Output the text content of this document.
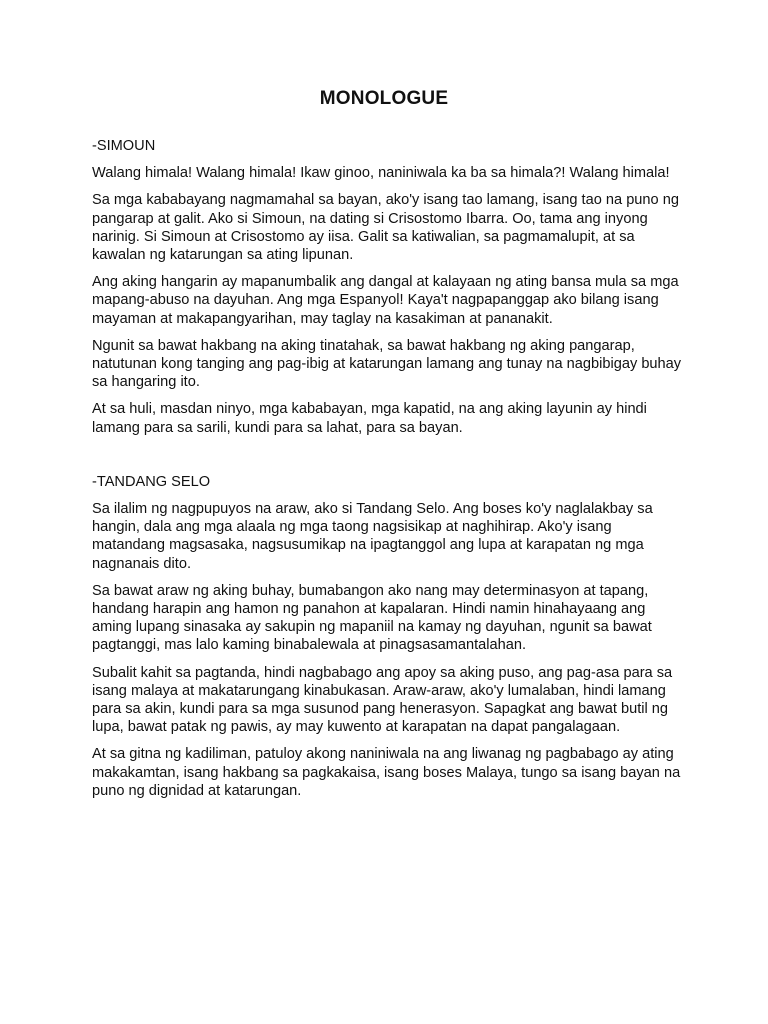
MONOLOGUE

-SIMOUN

Walang himala! Walang himala! Ikaw ginoo, naniniwala ka ba sa himala?! Walang himala!

Sa mga kababayang nagmamahal sa bayan, ako'y isang tao lamang, isang tao na puno ng pangarap at galit. Ako si Simoun, na dating si Crisostomo Ibarra. Oo, tama ang inyong narinig. Si Simoun at Crisostomo ay iisa. Galit sa katiwalian, sa pagmamalupit, at sa kawalan ng katarungan sa ating lipunan.

Ang aking hangarin ay mapanumbalik ang dangal at kalayaan ng ating bansa mula sa mga mapang-abuso na dayuhan. Ang mga Espanyol! Kaya't nagpapanggap ako bilang isang mayaman at makapangyarihan, may taglay na kasakiman at pananakit.

Ngunit sa bawat hakbang na aking tinatahak, sa bawat hakbang ng aking pangarap, natutunan kong tanging ang pag-ibig at katarungan lamang ang tunay na nagbibigay buhay sa hangaring ito.

At sa huli, masdan ninyo, mga kababayan, mga kapatid, na ang aking layunin ay hindi lamang para sa sarili, kundi para sa lahat, para sa bayan.

-TANDANG SELO

Sa ilalim ng nagpupuyos na araw, ako si Tandang Selo. Ang boses ko'y naglalakbay sa hangin, dala ang mga alaala ng mga taong nagsisikap at naghihirap. Ako'y isang matandang magsasaka, nagsusumikap na ipagtanggol ang lupa at karapatan ng mga nagnanais dito.

Sa bawat araw ng aking buhay, bumabangon ako nang may determinasyon at tapang, handang harapin ang hamon ng panahon at kapalaran. Hindi namin hinahayaang ang aming lupang sinasaka ay sakupin ng mapaniil na kamay ng dayuhan, ngunit sa bawat pagtanggi, mas lalo kaming binabalewala at pinagsasamantalahan.

Subalit kahit sa pagtanda, hindi nagbabago ang apoy sa aking puso, ang pag-asa para sa isang malaya at makatarungang kinabukasan. Araw-araw, ako'y lumalaban, hindi lamang para sa akin, kundi para sa mga susunod pang henerasyon. Sapagkat ang bawat butil ng lupa, bawat patak ng pawis, ay may kuwento at karapatan na dapat pangalagaan.

At sa gitna ng kadiliman, patuloy akong naniniwala na ang liwanag ng pagbabago ay ating makakamtan, isang hakbang sa pagkakaisa, isang boses Malaya, tungo sa isang bayan na puno ng dignidad at katarungan.
